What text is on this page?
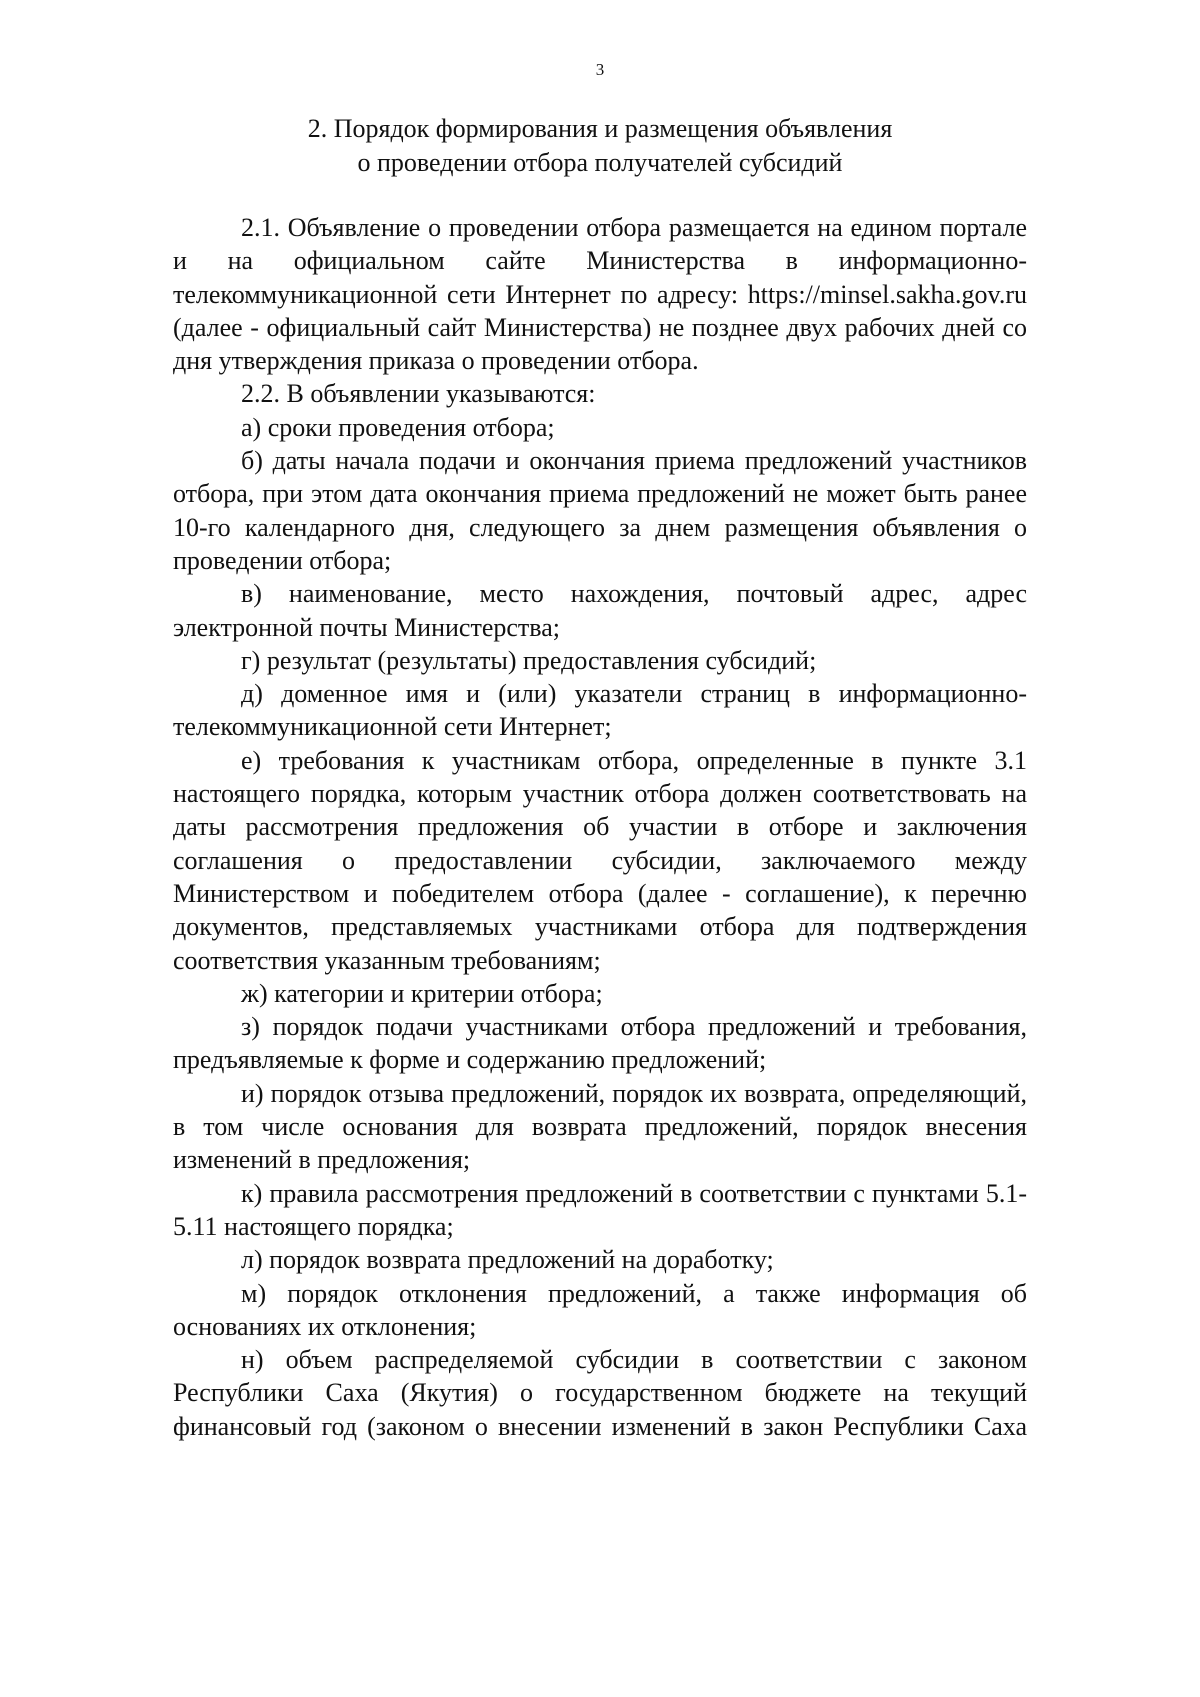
3
2. Порядок формирования и размещения объявления
о проведении отбора получателей субсидий

2.1. Объявление о проведении отбора размещается на едином портале и на официальном сайте Министерства в информационно-телекоммуникационной сети Интернет по адресу: https://minsel.sakha.gov.ru (далее - официальный сайт Министерства) не позднее двух рабочих дней со дня утверждения приказа о проведении отбора.

2.2. В объявлении указываются:

а) сроки проведения отбора;

б) даты начала подачи и окончания приема предложений участников отбора, при этом дата окончания приема предложений не может быть ранее 10-го календарного дня, следующего за днем размещения объявления о проведении отбора;

в) наименование, место нахождения, почтовый адрес, адрес электронной почты Министерства;

г) результат (результаты) предоставления субсидий;

д) доменное имя и (или) указатели страниц в информационно-телекоммуникационной сети Интернет;

е) требования к участникам отбора, определенные в пункте 3.1 настоящего порядка, которым участник отбора должен соответствовать на даты рассмотрения предложения об участии в отборе и заключения соглашения о предоставлении субсидии, заключаемого между Министерством и победителем отбора (далее - соглашение), к перечню документов, представляемых участниками отбора для подтверждения соответствия указанным требованиям;

ж) категории и критерии отбора;

з) порядок подачи участниками отбора предложений и требования, предъявляемые к форме и содержанию предложений;

и) порядок отзыва предложений, порядок их возврата, определяющий, в том числе основания для возврата предложений, порядок внесения изменений в предложения;

к) правила рассмотрения предложений в соответствии с пунктами 5.1-5.11 настоящего порядка;

л) порядок возврата предложений на доработку;

м) порядок отклонения предложений, а также информация об основаниях их отклонения;

н) объем распределяемой субсидии в соответствии с законом Республики Саха (Якутия) о государственном бюджете на текущий финансовый год (законом о внесении изменений в закон Республики Саха
